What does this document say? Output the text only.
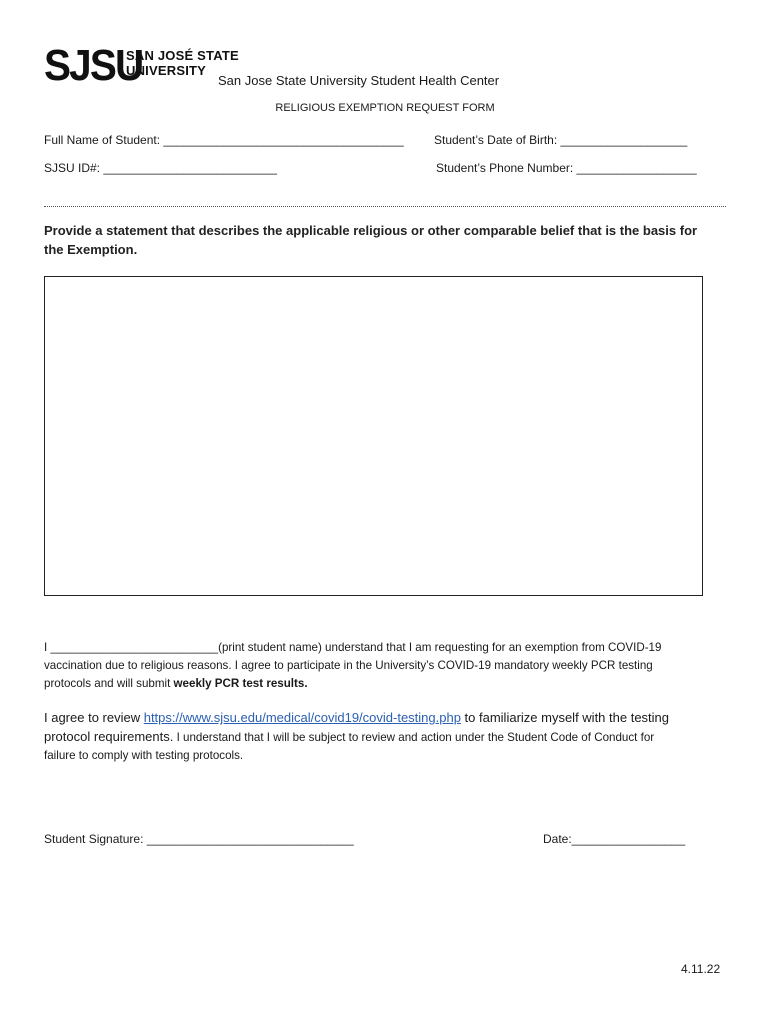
SJSU
SAN JOSÉ STATE
UNIVERSITY
San Jose State University Student Health Center
RELIGIOUS EXEMPTION REQUEST FORM
Full Name of Student: ____________________________________	Student’s Date of Birth: ___________________
SJSU ID#: __________________________	Student’s Phone Number: __________________
Provide a statement that describes the applicable religious or other comparable belief that is the basis for
the Exemption.
I __________________________(print student name) understand that I am requesting for an exemption from COVID-19
vaccination due to religious reasons. I agree to participate in the University’s COVID-19 mandatory weekly PCR testing
protocols and will submit weekly PCR test results.
I agree to review https://www.sjsu.edu/medical/covid19/covid-testing.php to familiarize myself with the testing
protocol requirements. I understand that I will be subject to review and action under the Student Code of Conduct for
failure to comply with testing protocols.
Student Signature: _______________________________	Date:_________________
4.11.22
